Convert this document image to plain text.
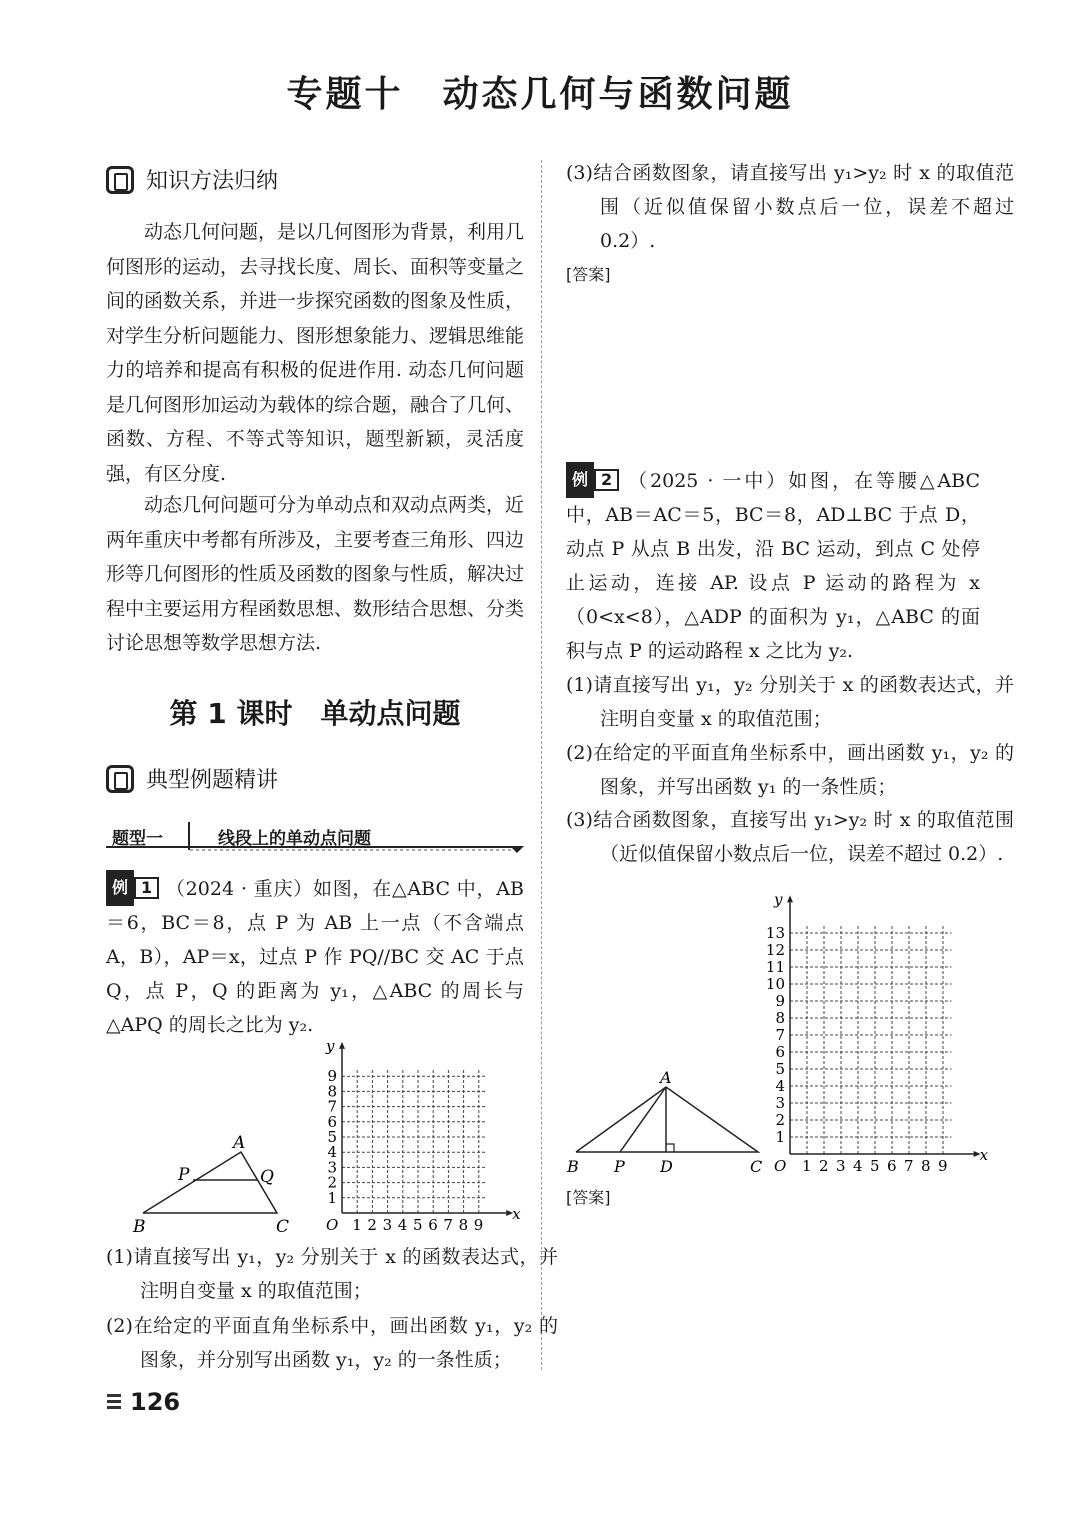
专题十　动态几何与函数问题
知识方法归纳
动态几何问题，是以几何图形为背景，利用几何图形的运动，去寻找长度、周长、面积等变量之间的函数关系，并进一步探究函数的图象及性质，对学生分析问题能力、图形想象能力、逻辑思维能力的培养和提高有积极的促进作用. 动态几何问题是几何图形加运动为载体的综合题，融合了几何、函数、方程、不等式等知识，题型新颖，灵活度强，有区分度.
动态几何问题可分为单动点和双动点两类，近两年重庆中考都有所涉及，主要考查三角形、四边形等几何图形的性质及函数的图象与性质，解决过程中主要运用方程函数思想、数形结合思想、分类讨论思想等数学思想方法.
第 1 课时　单动点问题
典型例题精讲
题型一	线段上的单动点问题
例 1 （2024 · 重庆）如图，在△ABC 中，AB＝6，BC＝8，点 P 为 AB 上一点（不含端点 A，B），AP＝x，过点 P 作 PQ//BC 交 AC 于点 Q，点 P，Q 的距离为 y₁，△ABC 的周长与△APQ 的周长之比为 y₂.
A
B	C
P	Q
1 2 3 4 5 6 7 8 9
1
2
3
4
5
6
7
8
9
O
x
y
(1)请直接写出 y₁，y₂ 分别关于 x 的函数表达式，并注明自变量 x 的取值范围；
(2)在给定的平面直角坐标系中，画出函数 y₁，y₂ 的图象，并分别写出函数 y₁，y₂ 的一条性质；
126
(3)结合函数图象，请直接写出 y₁>y₂ 时 x 的取值范围（近似值保留小数点后一位，误差不超过 0.2）.
[答案]
例 2 （2025 · 一中）如图，在等腰△ABC 中，AB＝AC＝5，BC＝8，AD⊥BC 于点 D，动点 P 从点 B 出发，沿 BC 运动，到点 C 处停止运动，连接 AP. 设点 P 运动的路程为 x（0<x<8），△ADP 的面积为 y₁，△ABC 的面积与点 P 的运动路程 x 之比为 y₂.
(1)请直接写出 y₁，y₂ 分别关于 x 的函数表达式，并注明自变量 x 的取值范围；
(2)在给定的平面直角坐标系中，画出函数 y₁，y₂ 的图象，并写出函数 y₁ 的一条性质；
(3)结合函数图象，直接写出 y₁>y₂ 时 x 的取值范围（近似值保留小数点后一位，误差不超过 0.2）.
A
B P D	C	1 2 3 4 5 6 7 8 9
1
2
3
4
5
6
7
8
9
10
11
12
13
O
x
y
[答案]
